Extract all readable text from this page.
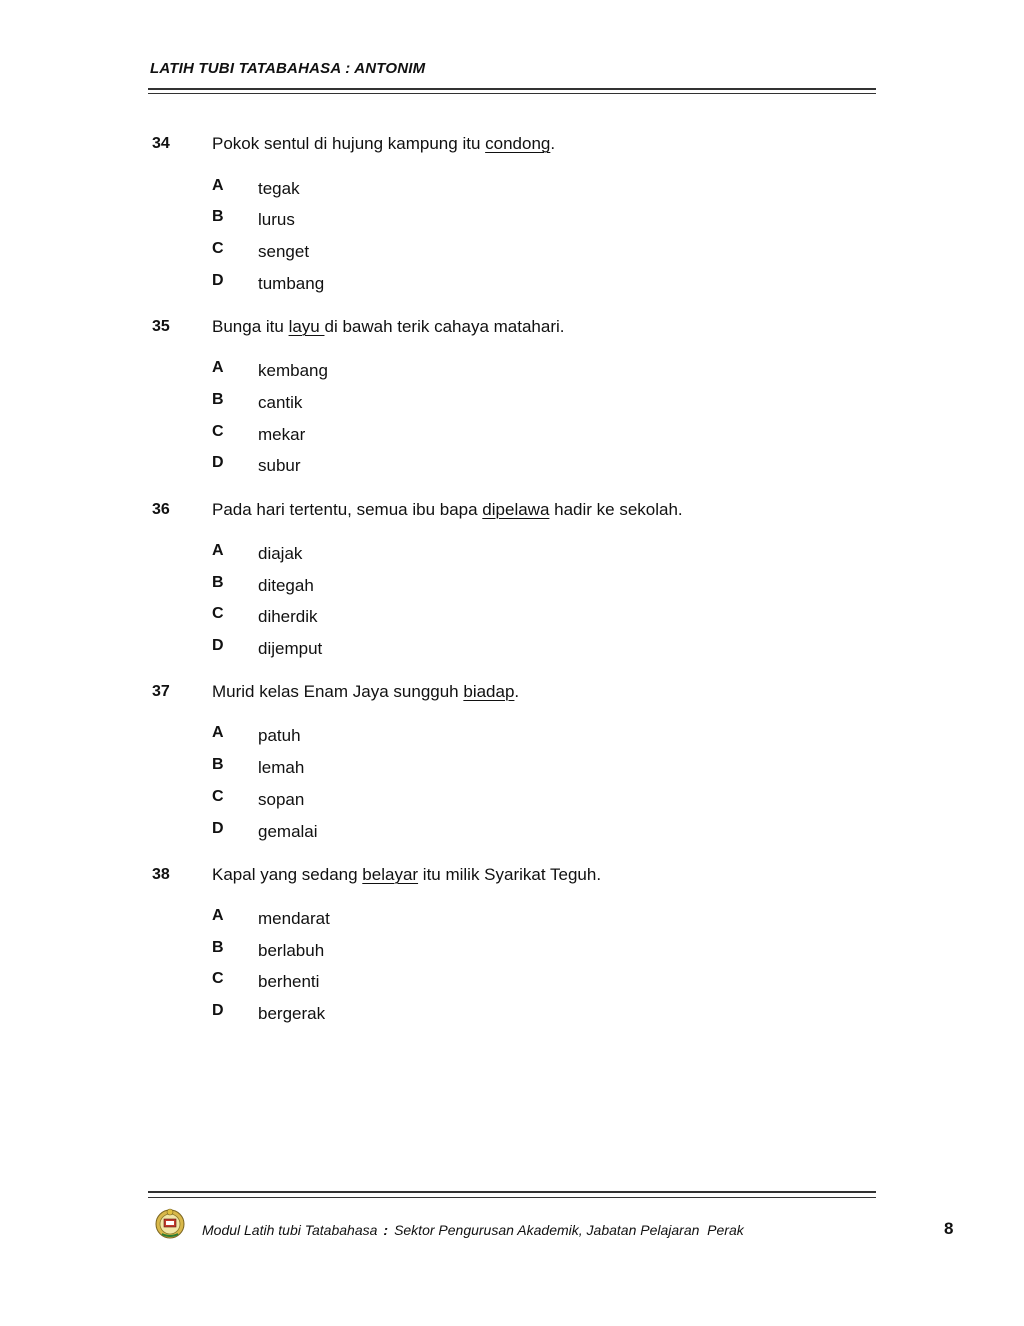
LATIH TUBI TATABAHASA : ANTONIM
34 Pokok sentul di hujung kampung itu condong.
A tegak
B lurus
C senget
D tumbang
35 Bunga itu layu di bawah terik cahaya matahari.
A kembang
B cantik
C mekar
D subur
36 Pada hari tertentu, semua ibu bapa dipelawa hadir ke sekolah.
A diajak
B ditegah
C diherdik
D dijemput
37 Murid kelas Enam Jaya sungguh biadap.
A patuh
B lemah
C sopan
D gemalai
38 Kapal yang sedang belayar itu milik Syarikat Teguh.
A mendarat
B berlabuh
C berhenti
D bergerak
Modul Latih tubi Tatabahasa : Sektor Pengurusan Akademik, Jabatan Pelajaran  Perak	8
